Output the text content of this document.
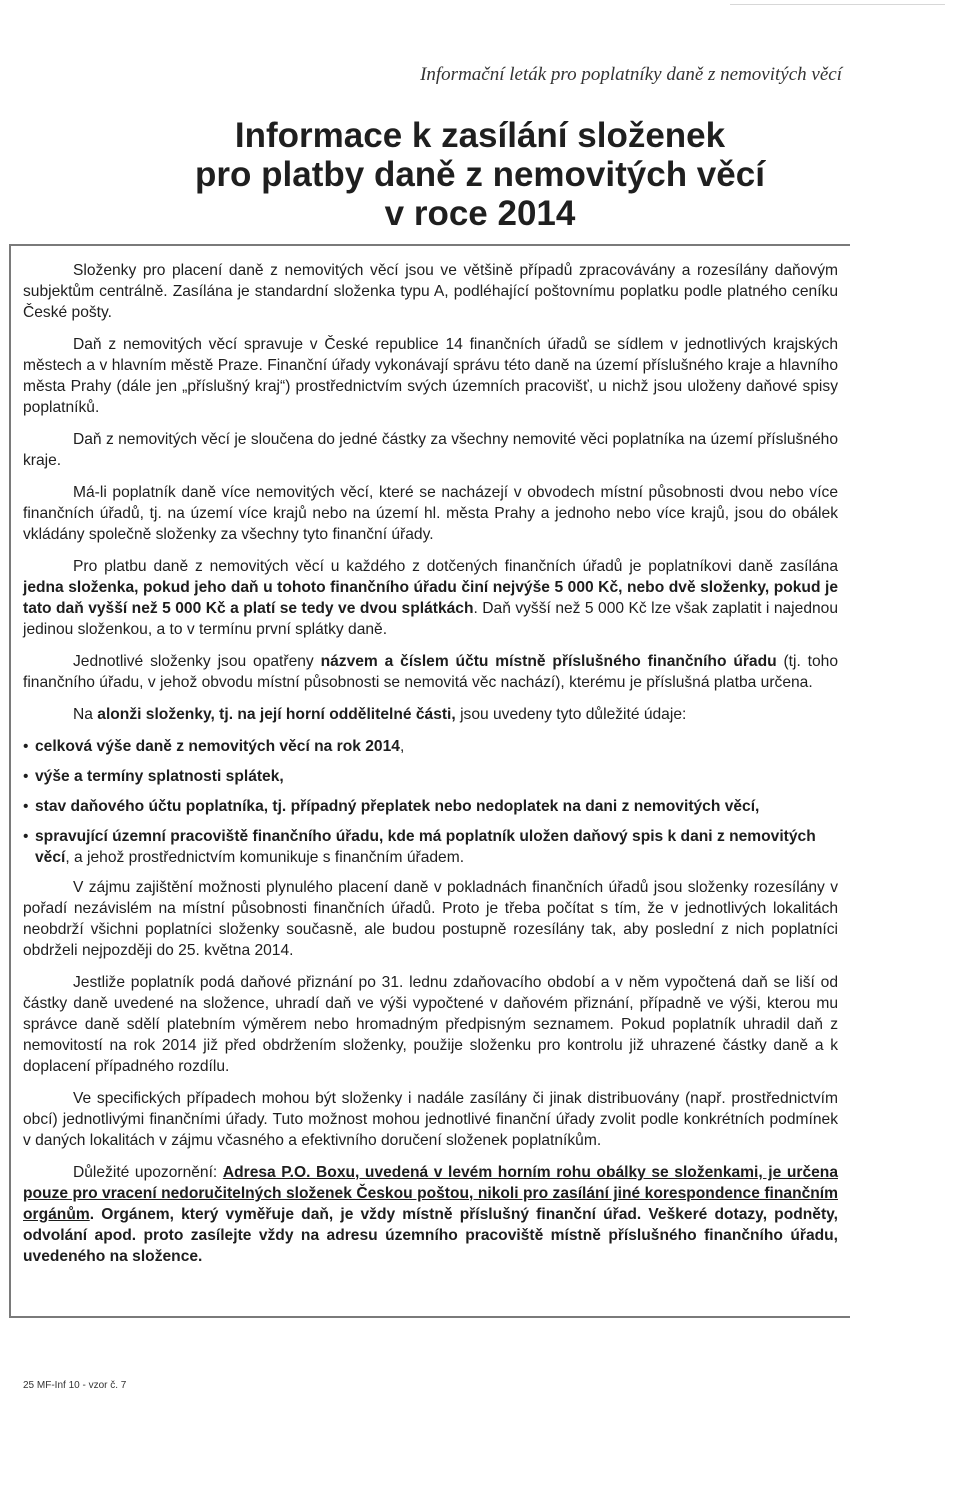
Informační leták pro poplatníky daně z nemovitých věcí
Informace k zasílání složenek
pro platby daně z nemovitých věcí
v roce 2014

Složenky pro placení daně z nemovitých věcí jsou ve většině případů zpracovávány a rozesílány daňovým subjektům centrálně. Zasílána je standardní složenka typu A, podléhající poštovnímu poplatku podle platného ceníku České pošty.

Daň z nemovitých věcí spravuje v České republice 14 finančních úřadů se sídlem v jednotlivých krajských městech a v hlavním městě Praze. Finanční úřady vykonávají správu této daně na území příslušného kraje a hlavního města Prahy (dále jen „příslušný kraj“) prostřednictvím svých územních pracovišť, u nichž jsou uloženy daňové spisy poplatníků.

Daň z nemovitých věcí je sloučena do jedné částky za všechny nemovité věci poplatníka na území příslušného kraje.

Má-li poplatník daně více nemovitých věcí, které se nacházejí v obvodech místní působnosti dvou nebo více finančních úřadů, tj. na území více krajů nebo na území hl. města Prahy a jednoho nebo více krajů, jsou do obálek vkládány společně složenky za všechny tyto finanční úřady.

Pro platbu daně z nemovitých věcí u každého z dotčených finančních úřadů je poplatníkovi daně zasílána jedna složenka, pokud jeho daň u tohoto finančního úřadu činí nejvýše 5 000 Kč, nebo dvě složenky, pokud je tato daň vyšší než 5 000 Kč a platí se tedy ve dvou splátkách. Daň vyšší než 5 000 Kč lze však zaplatit i najednou jedinou složenkou, a to v termínu první splátky daně.

Jednotlivé složenky jsou opatřeny názvem a číslem účtu místně příslušného finančního úřadu (tj. toho finančního úřadu, v jehož obvodu místní působnosti se nemovitá věc nachází), kterému je příslušná platba určena.

Na alonži složenky, tj. na její horní oddělitelné části, jsou uvedeny tyto důležité údaje:

• celková výše daně z nemovitých věcí na rok 2014,
• výše a termíny splatnosti splátek,
• stav daňového účtu poplatníka, tj. případný přeplatek nebo nedoplatek na dani z nemovitých věcí,
• spravující územní pracoviště finančního úřadu, kde má poplatník uložen daňový spis k dani z nemovitých věcí, a jehož prostřednictvím komunikuje s finančním úřadem.

V zájmu zajištění možnosti plynulého placení daně v pokladnách finančních úřadů jsou složenky rozesílány v pořadí nezávislém na místní působnosti finančních úřadů. Proto je třeba počítat s tím, že v jednotlivých lokalitách neobdrží všichni poplatníci složenky současně, ale budou postupně rozesílány tak, aby poslední z nich poplatníci obdrželi nejpozději do 25. května 2014.

Jestliže poplatník podá daňové přiznání po 31. lednu zdaňovacího období a v něm vypočtená daň se liší od částky daně uvedené na složence, uhradí daň ve výši vypočtené v daňovém přiznání, případně ve výši, kterou mu správce daně sdělí platebním výměrem nebo hromadným předpisným seznamem. Pokud poplatník uhradil daň z nemovitostí na rok 2014 již před obdržením složenky, použije složenku pro kontrolu již uhrazené částky daně a k doplacení případného rozdílu.

Ve specifických případech mohou být složenky i nadále zasílány či jinak distribuovány (např. prostřednictvím obcí) jednotlivými finančními úřady. Tuto možnost mohou jednotlivé finanční úřady zvolit podle konkrétních podmínek v daných lokalitách v zájmu včasného a efektivního doručení složenek poplatníkům.

Důležité upozornění: Adresa P.O. Boxu, uvedená v levém horním rohu obálky se složenkami, je určena pouze pro vracení nedoručitelných složenek Českou poštou, nikoli pro zasílání jiné korespondence finančním orgánům. Orgánem, který vyměřuje daň, je vždy místně příslušný finanční úřad. Veškeré dotazy, podněty, odvolání apod. proto zasílejte vždy na adresu územního pracoviště místně příslušného finančního úřadu, uvedeného na složence.

25 MF-Inf 10 - vzor č. 7
